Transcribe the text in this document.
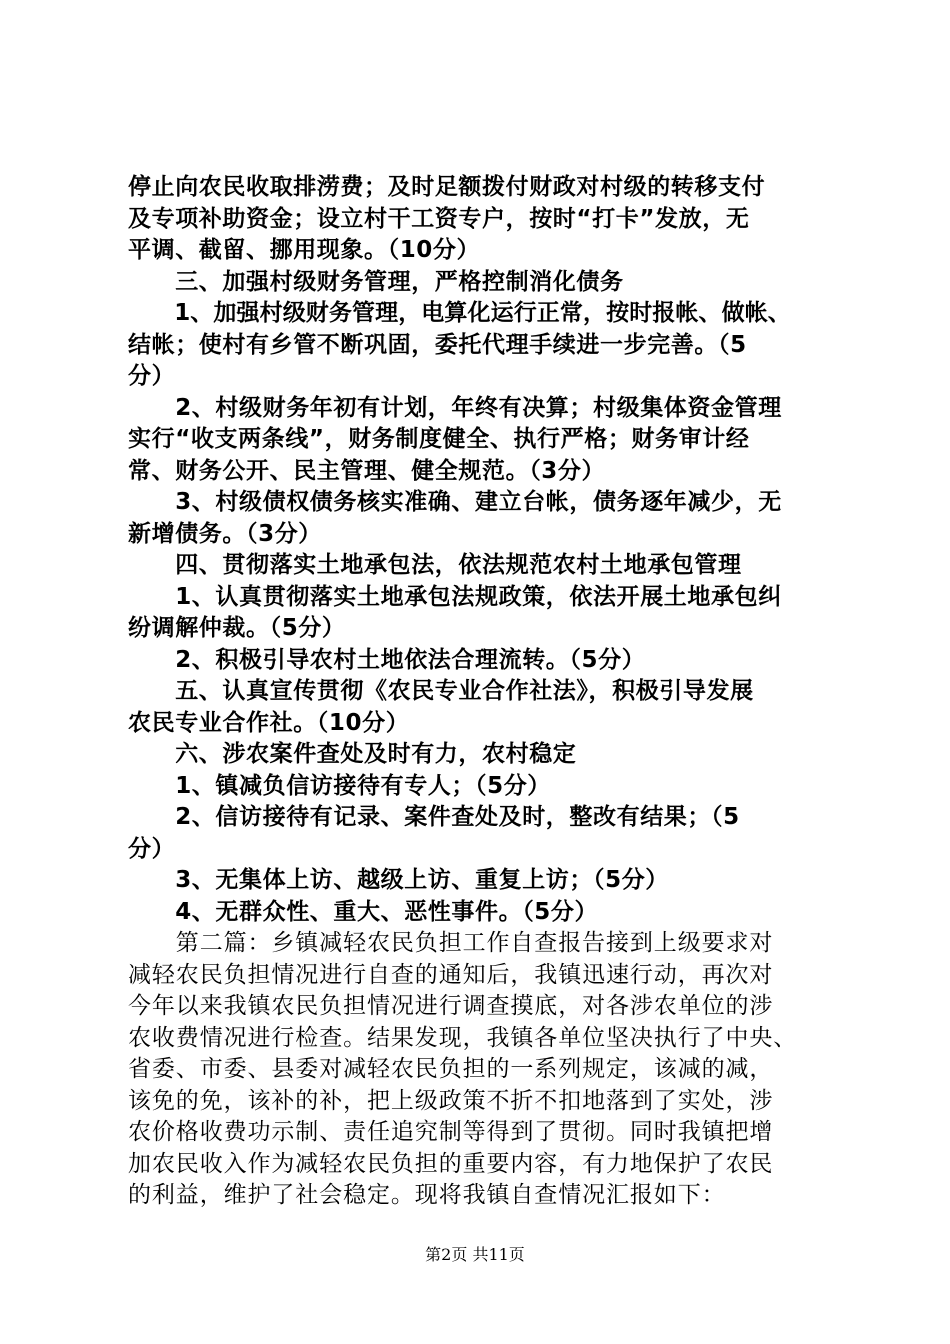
停止向农民收取排涝费；及时足额拨付财政对村级的转移支付
及专项补助资金；设立村干工资专户，按时“打卡”发放，无
平调、截留、挪用现象。（10分）
　　三、加强村级财务管理，严格控制消化债务
　　1、加强村级财务管理，电算化运行正常，按时报帐、做帐、
结帐；使村有乡管不断巩固，委托代理手续进一步完善。（5
分）
　　2、村级财务年初有计划，年终有决算；村级集体资金管理
实行“收支两条线”，财务制度健全、执行严格；财务审计经
常、财务公开、民主管理、健全规范。（3分）
　　3、村级债权债务核实准确、建立台帐，债务逐年减少，无
新增债务。（3分）
　　四、贯彻落实土地承包法，依法规范农村土地承包管理
　　1、认真贯彻落实土地承包法规政策，依法开展土地承包纠
纷调解仲裁。（5分）
　　2、积极引导农村土地依法合理流转。（5分）
　　五、认真宣传贯彻《农民专业合作社法》，积极引导发展
农民专业合作社。（10分）
　　六、涉农案件查处及时有力，农村稳定
　　1、镇减负信访接待有专人；（5分）
　　2、信访接待有记录、案件查处及时，整改有结果；（5
分）
　　3、无集体上访、越级上访、重复上访；（5分）
　　4、无群众性、重大、恶性事件。（5分）
　　第二篇：乡镇减轻农民负担工作自查报告接到上级要求对
减轻农民负担情况进行自查的通知后，我镇迅速行动，再次对
今年以来我镇农民负担情况进行调查摸底，对各涉农单位的涉
农收费情况进行检查。结果发现，我镇各单位坚决执行了中央、
省委、市委、县委对减轻农民负担的一系列规定，该减的减，
该免的免，该补的补，把上级政策不折不扣地落到了实处，涉
农价格收费功示制、责任追究制等得到了贯彻。同时我镇把增
加农民收入作为减轻农民负担的重要内容，有力地保护了农民
的利益，维护了社会稳定。现将我镇自查情况汇报如下：
第2页 共11页
